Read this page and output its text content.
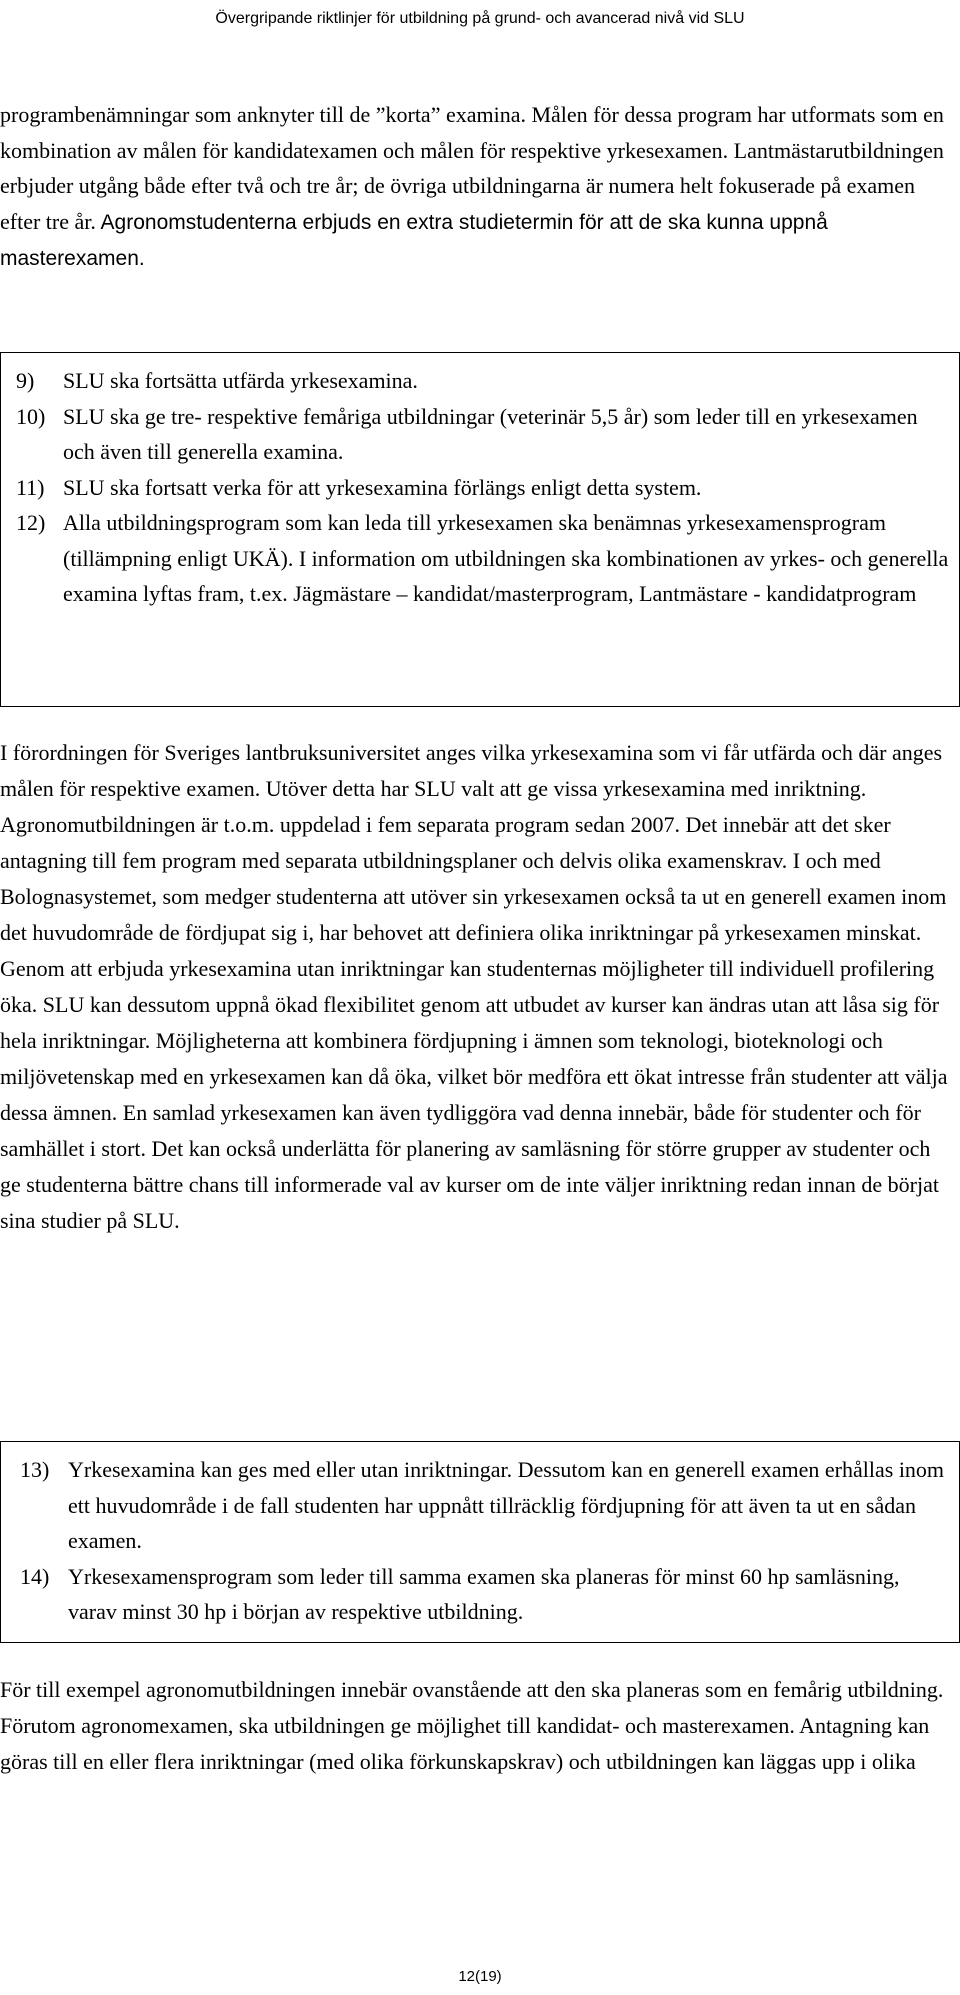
Övergripande riktlinjer för utbildning på grund- och avancerad nivå vid SLU

programbenämningar som anknyter till de ”korta” examina. Målen för dessa program har utformats som en kombination av målen för kandidatexamen och målen för respektive yrkesexamen. Lantmästarutbildningen erbjuder utgång både efter två och tre år; de övriga utbildningarna är numera helt fokuserade på examen efter tre år. Agronomstudenterna erbjuds en extra studietermin för att de ska kunna uppnå masterexamen.

9) SLU ska fortsätta utfärda yrkesexamina.
10) SLU ska ge tre- respektive femåriga utbildningar (veterinär 5,5 år) som leder till en yrkesexamen och även till generella examina.
11) SLU ska fortsatt verka för att yrkesexamina förlängs enligt detta system.
12) Alla utbildningsprogram som kan leda till yrkesexamen ska benämnas yrkesexamensprogram (tillämpning enligt UKÄ). I information om utbildningen ska kombinationen av yrkes- och generella examina lyftas fram, t.ex. Jägmästare – kandidat/masterprogram, Lantmästare - kandidatprogram

I förordningen för Sveriges lantbruksuniversitet anges vilka yrkesexamina som vi får utfärda och där anges målen för respektive examen. Utöver detta har SLU valt att ge vissa yrkesexamina med inriktning. Agronomutbildningen är t.o.m. uppdelad i fem separata program sedan 2007. Det innebär att det sker antagning till fem program med separata utbildningsplaner och delvis olika examenskrav. I och med Bolognasystemet, som medger studenterna att utöver sin yrkesexamen också ta ut en generell examen inom det huvudområde de fördjupat sig i, har behovet att definiera olika inriktningar på yrkesexamen minskat. Genom att erbjuda yrkesexamina utan inriktningar kan studenternas möjligheter till individuell profilering öka. SLU kan dessutom uppnå ökad flexibilitet genom att utbudet av kurser kan ändras utan att låsa sig för hela inriktningar. Möjligheterna att kombinera fördjupning i ämnen som teknologi, bioteknologi och miljövetenskap med en yrkesexamen kan då öka, vilket bör medföra ett ökat intresse från studenter att välja dessa ämnen. En samlad yrkesexamen kan även tydliggöra vad denna innebär, både för studenter och för samhället i stort. Det kan också underlätta för planering av samläsning för större grupper av studenter och ge studenterna bättre chans till informerade val av kurser om de inte väljer inriktning redan innan de börjat sina studier på SLU.

13) Yrkesexamina kan ges med eller utan inriktningar. Dessutom kan en generell examen erhållas inom ett huvudområde i de fall studenten har uppnått tillräcklig fördjupning för att även ta ut en sådan examen.
14) Yrkesexamensprogram som leder till samma examen ska planeras för minst 60 hp samläsning, varav minst 30 hp i början av respektive utbildning.

För till exempel agronomutbildningen innebär ovanstående att den ska planeras som en femårig utbildning. Förutom agronomexamen, ska utbildningen ge möjlighet till kandidat- och masterexamen. Antagning kan göras till en eller flera inriktningar (med olika förkunskapskrav) och utbildningen kan läggas upp i olika

12(19)
